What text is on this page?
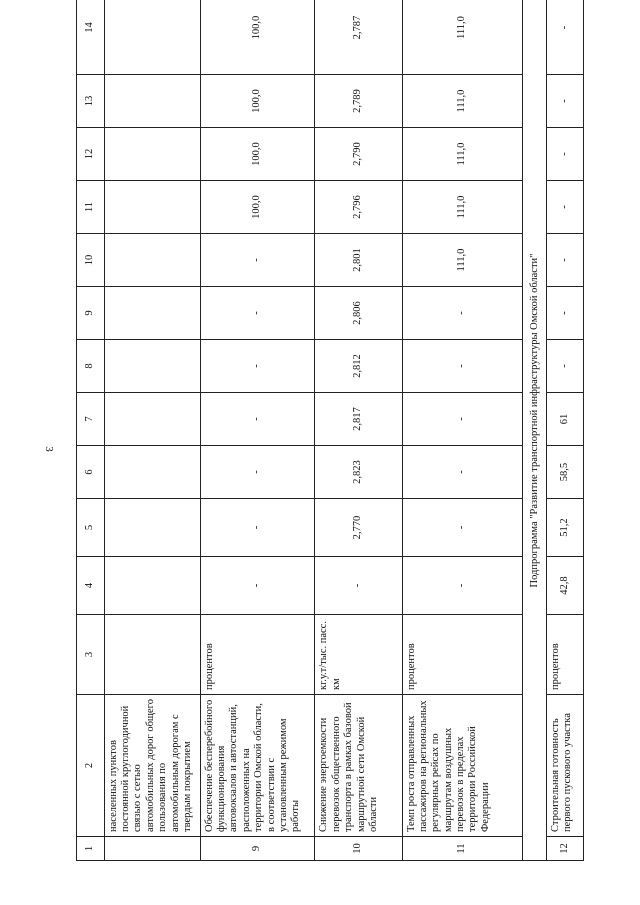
3
1	2	3	4	5	6	7	8	9	10	11	12	13	14
	населенных пунктов постоянной круглогодичной связью с сетью автомобильных дорог общего пользования по автомобильным дорогам с твердым покрытием												
9	Обеспечение бесперебойного функционирования автовокзалов и автостанций, расположенных на территории Омской области, в соответствии с установленным режимом работы	процентов	-	-	-	-	-	-	-	100,0	100,0	100,0	100,0
10	Снижение энергоемкости перевозок общественного транспорта в рамках базовой маршрутной сети Омской области	кг.у.т/тыс. пасс. км	-	2,770	2,823	2,817	2,812	2,806	2,801	2,796	2,790	2,789	2,787
11	Темп роста отправленных пассажиров на региональных регулярных рейсах по маршрутам воздушных перевозок в пределах территории Российской Федерации	процентов	-	-	-	-	-	-	111,0	111,0	111,0	111,0	111,0
Подпрограмма "Развитие транспортной инфраструктуры Омской области"													
12	Строительная готовность первого пускового участка	процентов	42,8	51,2	58,5	61	-	-	-	-	-	-	-
